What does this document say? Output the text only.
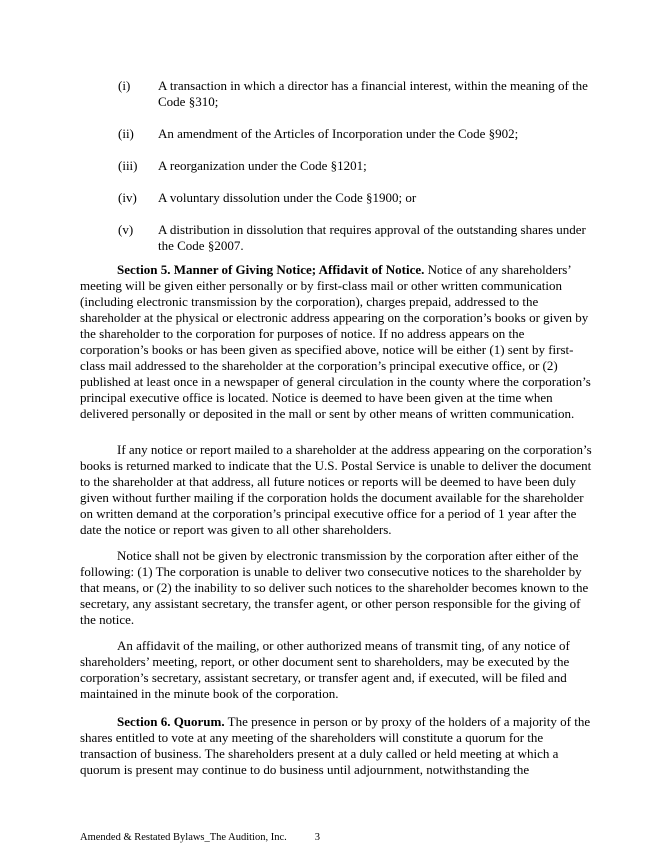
(i)	A transaction in which a director has a financial interest, within the meaning of the Code §310;
(ii)	An amendment of the Articles of Incorporation under the Code §902;
(iii)	A reorganization under the Code §1201;
(iv)	A voluntary dissolution under the Code §1900; or
(v)	A distribution in dissolution that requires approval of the outstanding shares under the Code §2007.

Section 5. Manner of Giving Notice; Affidavit of Notice. Notice of any shareholders’ meeting will be given either personally or by first-class mail or other written communication (including electronic transmission by the corporation), charges prepaid, addressed to the shareholder at the physical or electronic address appearing on the corporation’s books or given by the shareholder to the corporation for purposes of notice. If no address appears on the corporation’s books or has been given as specified above, notice will be either (1) sent by first-class mail addressed to the shareholder at the corporation’s principal executive office, or (2) published at least once in a newspaper of general circulation in the county where the corporation’s principal executive office is located. Notice is deemed to have been given at the time when delivered personally or deposited in the mall or sent by other means of written communication.

If any notice or report mailed to a shareholder at the address appearing on the corporation’s books is returned marked to indicate that the U.S. Postal Service is unable to deliver the document to the shareholder at that address, all future notices or reports will be deemed to have been duly given without further mailing if the corporation holds the document available for the shareholder on written demand at the corporation’s principal executive office for a period of 1 year after the date the notice or report was given to all other shareholders.

Notice shall not be given by electronic transmission by the corporation after either of the following: (1) The corporation is unable to deliver two consecutive notices to the shareholder by that means, or (2) the inability to so deliver such notices to the shareholder becomes known to the secretary, any assistant secretary, the transfer agent, or other person responsible for the giving of the notice.

An affidavit of the mailing, or other authorized means of transmit ting, of any notice of shareholders’ meeting, report, or other document sent to shareholders, may be executed by the corporation’s secretary, assistant secretary, or transfer agent and, if executed, will be filed and maintained in the minute book of the corporation.

Section 6. Quorum. The presence in person or by proxy of the holders of a majority of the shares entitled to vote at any meeting of the shareholders will constitute a quorum for the transaction of business. The shareholders present at a duly called or held meeting at which a quorum is present may continue to do business until adjournment, notwithstanding the

Amended & Restated Bylaws_The Audition, Inc.	3
